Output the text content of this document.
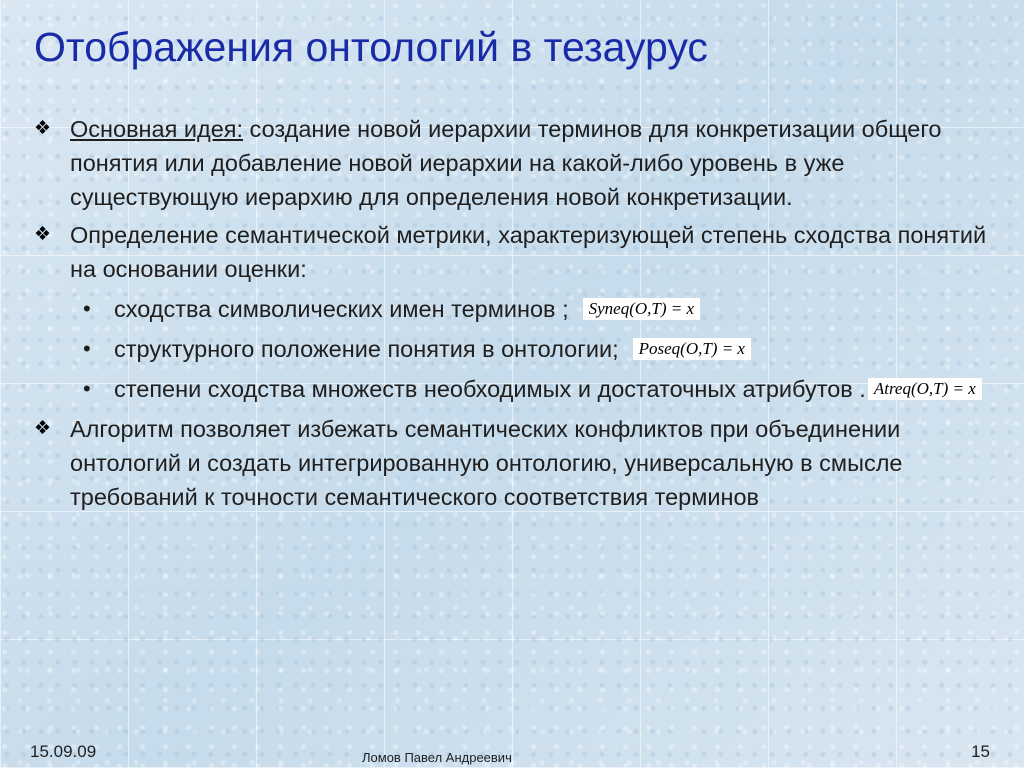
Отображения онтологий в тезаурус
❖ Основная идея: создание новой иерархии терминов для конкретизации общего понятия или добавление новой иерархии на какой-либо уровень в уже существующую иерархию для определения новой конкретизации.
❖ Определение семантической метрики, характеризующей степень сходства понятий на основании оценки:
• сходства символических имен терминов ; Syneq(O,T) = x
• структурного положение понятия в онтологии; Poseq(O,T) = x
• степени сходства множеств необходимых и достаточных атрибутов . Atreq(O,T) = x
❖ Алгоритм позволяет избежать семантических конфликтов при объединении онтологий и создать интегрированную онтологию, универсальную в смысле требований к точности семантического соответствия терминов
15.09.09	Ломов Павел Андреевич	15
